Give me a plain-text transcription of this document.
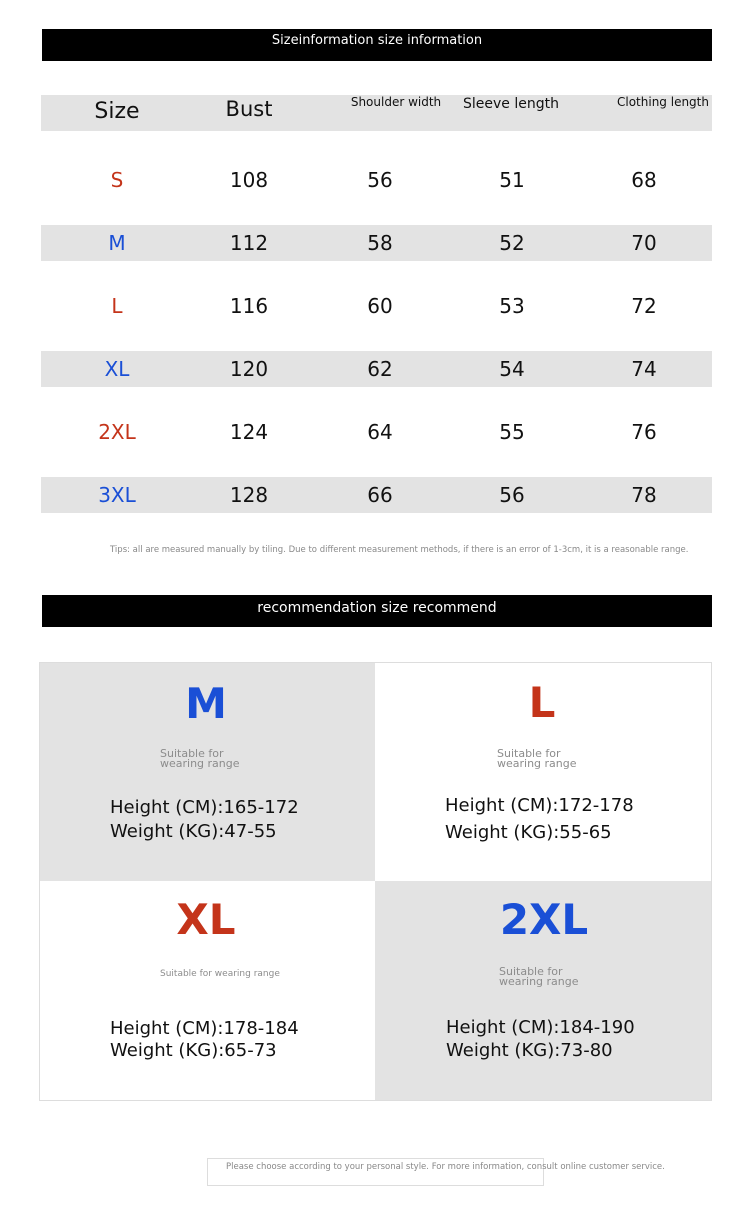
Sizeinformation size information
Size	Bust	Shoulder width	Sleeve length	Clothing length
S	108	56	51	68
M	112	58	52	70
L	116	60	53	72
XL	120	62	54	74
2XL	124	64	55	76
3XL	128	66	56	78
Tips: all are measured manually by tiling. Due to different measurement methods, if there is an error of 1-3cm, it is a reasonable range.
recommendation size recommend
M
Suitable for wearing range
Height (CM):165-172
Weight (KG):47-55
L
Suitable for wearing range
Height (CM):172-178
Weight (KG):55-65
XL
Suitable for wearing range
Height (CM):178-184
Weight (KG):65-73
2XL
Suitable for wearing range
Height (CM):184-190
Weight (KG):73-80
Please choose according to your personal style. For more information, consult online customer service.
